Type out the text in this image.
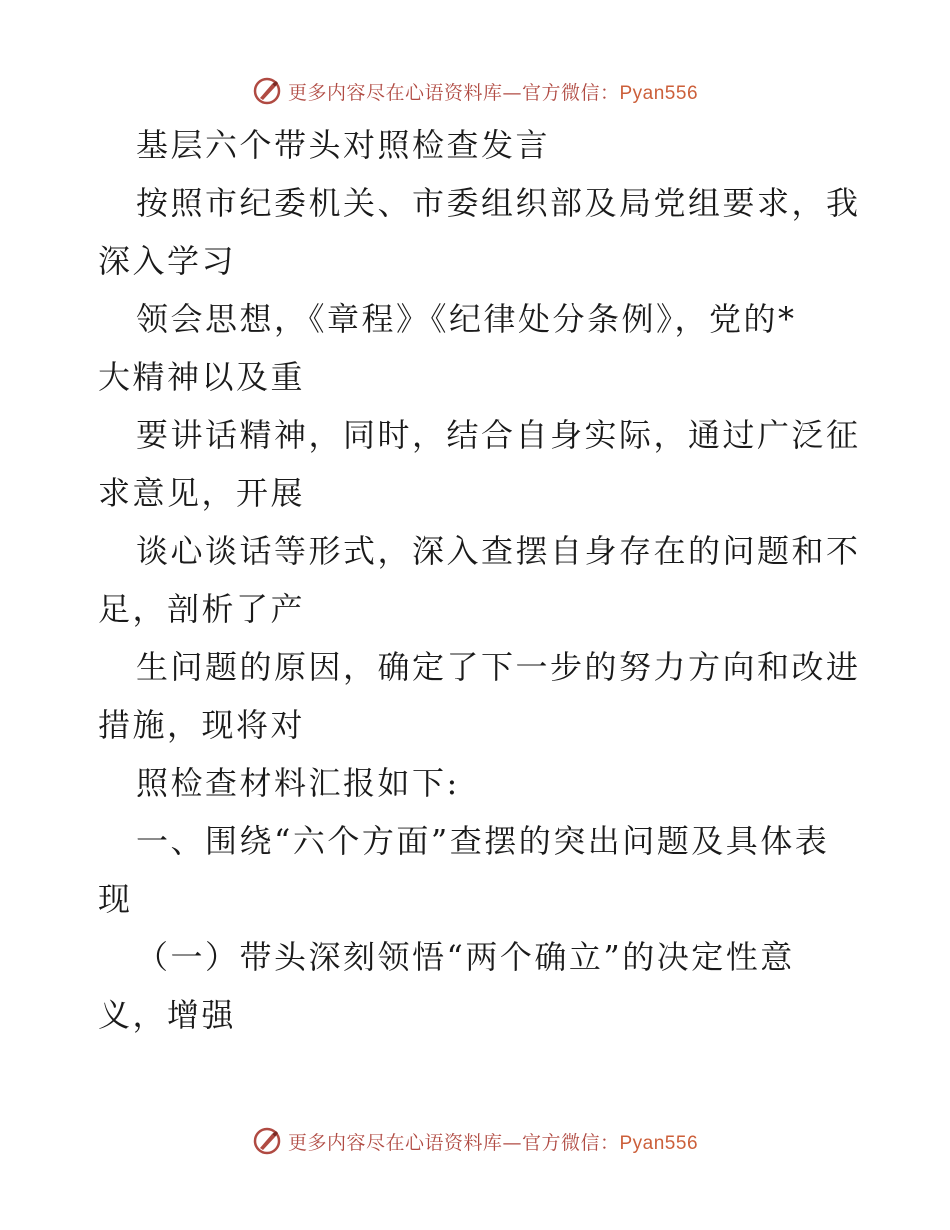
更多内容尽在心语资料库—官方微信：Pyan556
基层六个带头对照检查发言
按照市纪委机关、市委组织部及局党组要求，我
深入学习
领会思想，《章程》《纪律处分条例》，党的*
大精神以及重
要讲话精神，同时，结合自身实际，通过广泛征
求意见，开展
谈心谈话等形式，深入查摆自身存在的问题和不
足，剖析了产
生问题的原因，确定了下一步的努力方向和改进
措施，现将对
照检查材料汇报如下:
一、围绕“六个方面”查摆的突出问题及具体表
现
（一）带头深刻领悟“两个确立”的决定性意
义，增强
更多内容尽在心语资料库—官方微信：Pyan556
